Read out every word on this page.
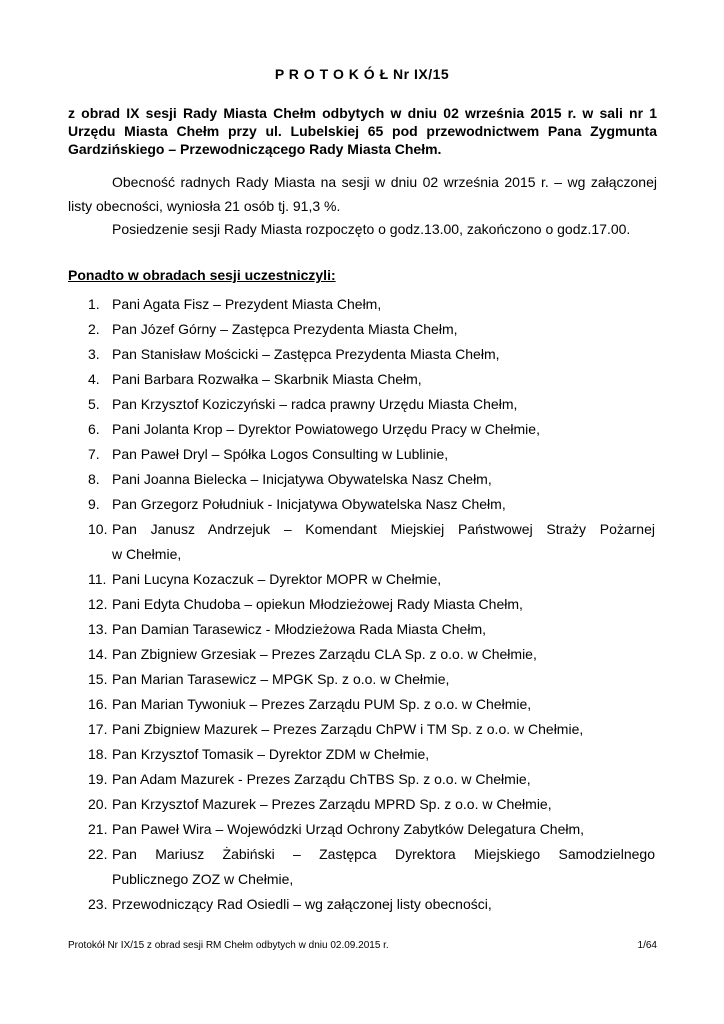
P R O T O K Ó Ł Nr IX/15
z obrad IX sesji Rady Miasta Chełm odbytych w dniu 02 września 2015 r. w sali nr 1
Urzędu Miasta Chełm przy ul. Lubelskiej 65 pod przewodnictwem Pana Zygmunta
Gardzińskiego – Przewodniczącego Rady Miasta Chełm.
Obecność radnych Rady Miasta na sesji w dniu 02 września 2015 r. – wg załączonej listy obecności, wyniosła 21 osób tj. 91,3 %.
Posiedzenie sesji Rady Miasta rozpoczęto o godz.13.00, zakończono o godz.17.00.
Ponadto w obradach sesji uczestniczyli:
1. Pani Agata Fisz – Prezydent Miasta Chełm,
2. Pan Józef Górny – Zastępca Prezydenta Miasta Chełm,
3. Pan Stanisław Mościcki – Zastępca Prezydenta Miasta Chełm,
4. Pani Barbara Rozwałka – Skarbnik Miasta Chełm,
5. Pan Krzysztof Koziczyński – radca prawny Urzędu Miasta Chełm,
6. Pani Jolanta Krop – Dyrektor Powiatowego Urzędu Pracy w Chełmie,
7. Pan Paweł Dryl – Spółka Logos Consulting w Lublinie,
8. Pani Joanna Bielecka – Inicjatywa Obywatelska Nasz Chełm,
9. Pan Grzegorz Południuk - Inicjatywa Obywatelska Nasz Chełm,
10. Pan Janusz Andrzejuk – Komendant Miejskiej Państwowej Straży Pożarnej
w Chełmie,
11. Pani Lucyna Kozaczuk – Dyrektor MOPR w Chełmie,
12. Pani Edyta Chudoba – opiekun Młodzieżowej Rady Miasta Chełm,
13. Pan Damian Tarasewicz - Młodzieżowa Rada Miasta Chełm,
14. Pan Zbigniew Grzesiak – Prezes Zarządu CLA Sp. z o.o. w Chełmie,
15. Pan Marian Tarasewicz – MPGK Sp. z o.o. w Chełmie,
16. Pan Marian Tywoniuk – Prezes Zarządu PUM Sp. z o.o. w Chełmie,
17. Pani Zbigniew Mazurek – Prezes Zarządu ChPW i TM Sp. z o.o. w Chełmie,
18. Pan Krzysztof Tomasik – Dyrektor ZDM w Chełmie,
19. Pan Adam Mazurek - Prezes Zarządu ChTBS Sp. z o.o. w Chełmie,
20. Pan Krzysztof Mazurek – Prezes Zarządu MPRD Sp. z o.o. w Chełmie,
21. Pan Paweł Wira – Wojewódzki Urząd Ochrony Zabytków Delegatura Chełm,
22. Pan Mariusz Żabiński – Zastępca Dyrektora Miejskiego Samodzielnego
Publicznego ZOZ w Chełmie,
23. Przewodniczący Rad Osiedli – wg załączonej listy obecności,
Protokół Nr IX/15 z obrad sesji RM Chełm odbytych w dniu 02.09.2015 r.	1/64
